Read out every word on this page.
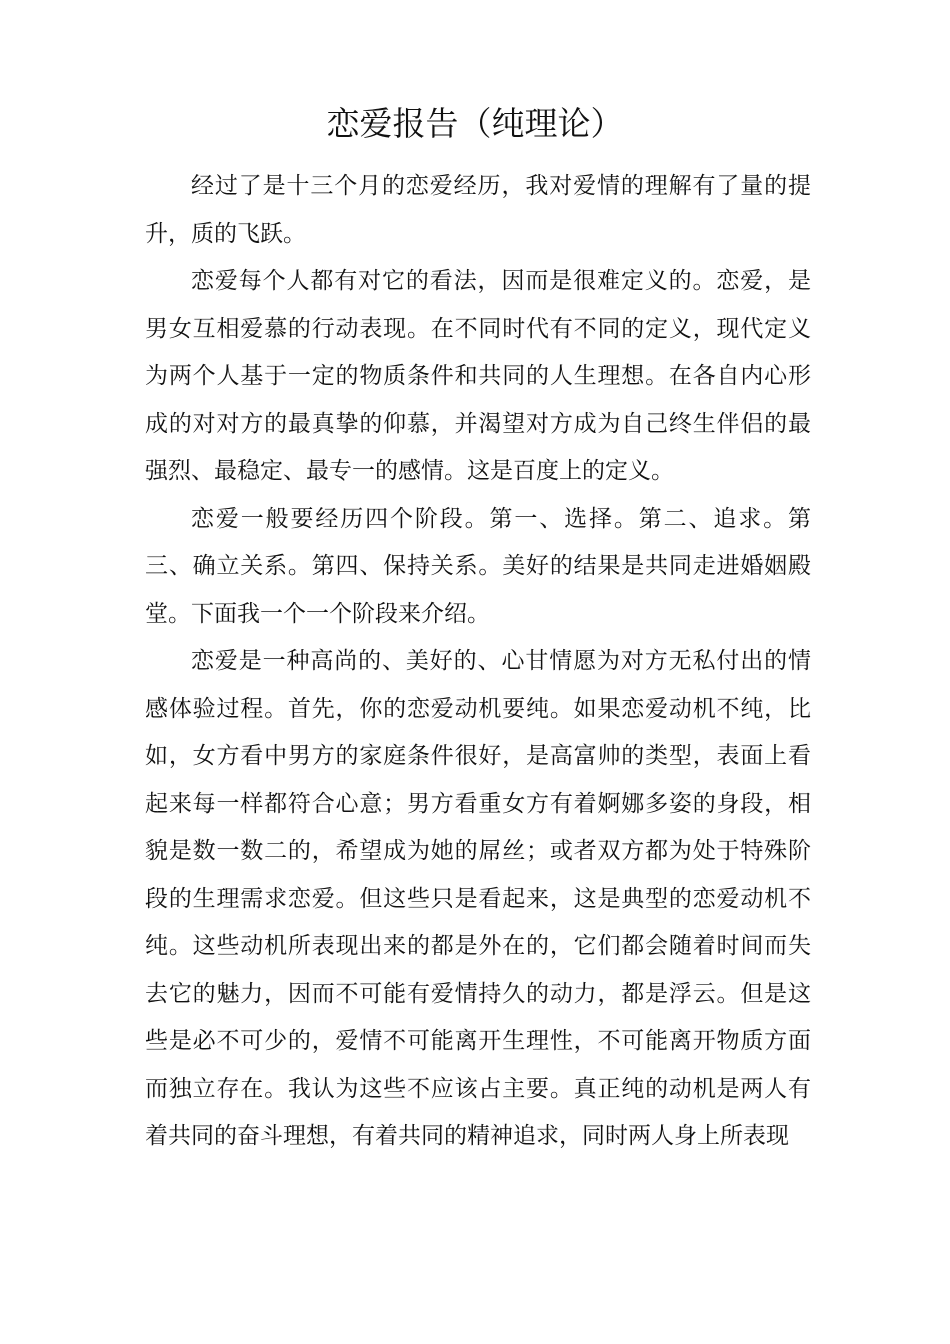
恋爱报告（纯理论）

经过了是十三个月的恋爱经历，我对爱情的理解有了量的提升，质的飞跃。

恋爱每个人都有对它的看法，因而是很难定义的。恋爱，是男女互相爱慕的行动表现。在不同时代有不同的定义，现代定义为两个人基于一定的物质条件和共同的人生理想。在各自内心形成的对对方的最真挚的仰慕，并渴望对方成为自己终生伴侣的最强烈、最稳定、最专一的感情。这是百度上的定义。

恋爱一般要经历四个阶段。第一、选择。第二、追求。第三、确立关系。第四、保持关系。美好的结果是共同走进婚姻殿堂。下面我一个一个阶段来介绍。

恋爱是一种高尚的、美好的、心甘情愿为对方无私付出的情感体验过程。首先，你的恋爱动机要纯。如果恋爱动机不纯，比如，女方看中男方的家庭条件很好，是高富帅的类型，表面上看起来每一样都符合心意；男方看重女方有着婀娜多姿的身段，相貌是数一数二的，希望成为她的屌丝；或者双方都为处于特殊阶段的生理需求恋爱。但这些只是看起来，这是典型的恋爱动机不纯。这些动机所表现出来的都是外在的，它们都会随着时间而失去它的魅力，因而不可能有爱情持久的动力，都是浮云。但是这些是必不可少的，爱情不可能离开生理性，不可能离开物质方面而独立存在。我认为这些不应该占主要。真正纯的动机是两人有着共同的奋斗理想，有着共同的精神追求，同时两人身上所表现
